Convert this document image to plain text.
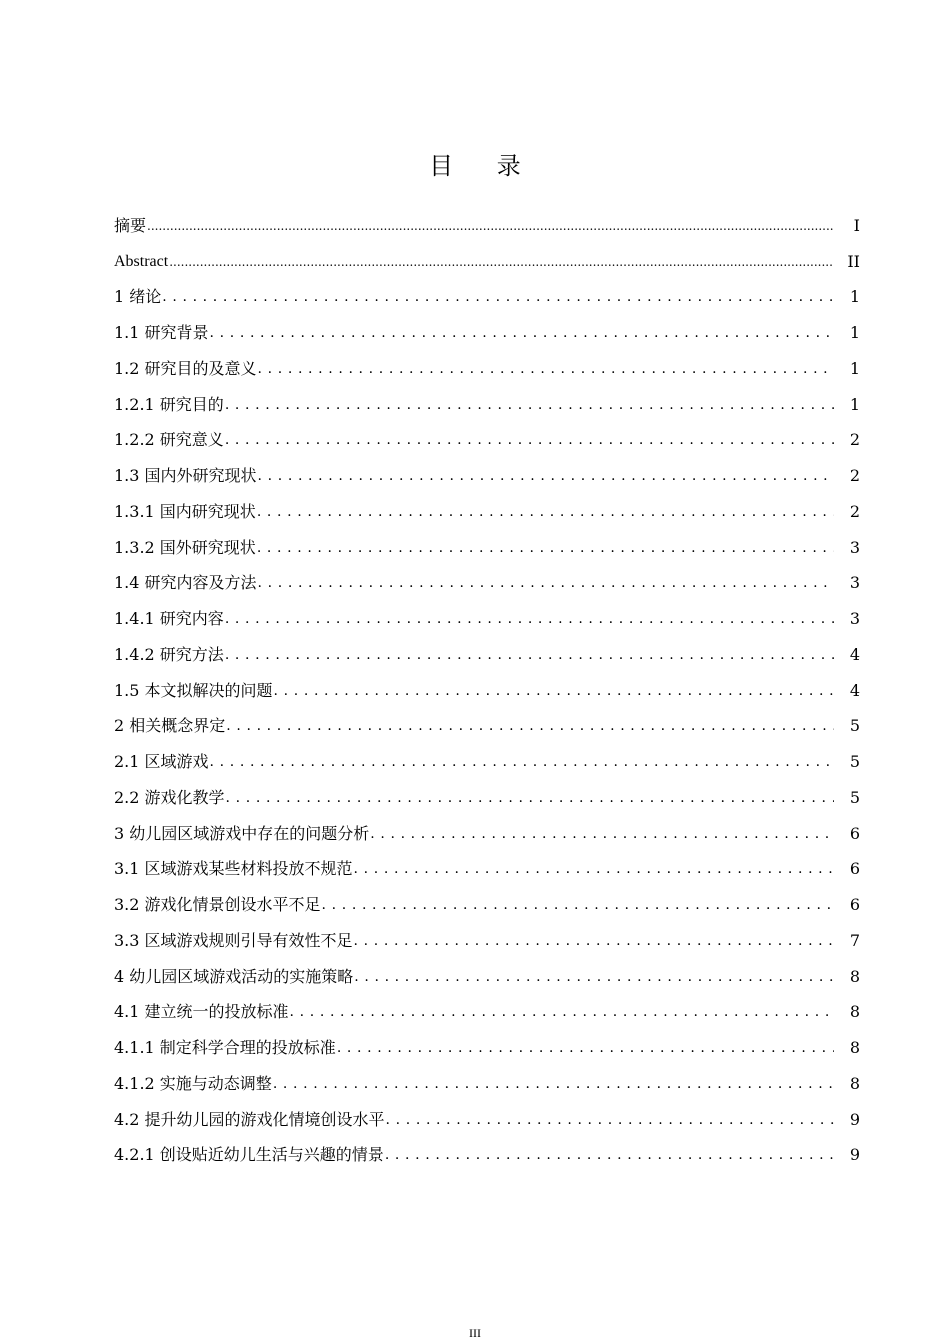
目 录
摘要 .....	I
Abstract .....	II
1 绪论 . . .	1
1.1 研究背景 . . .	1
1.2 研究目的及意义 . . .	1
1.2.1 研究目的 . . .	1
1.2.2 研究意义 . . .	2
1.3 国内外研究现状 . . .	2
1.3.1 国内研究现状 . . .	2
1.3.2 国外研究现状 . . .	3
1.4 研究内容及方法 . . .	3
1.4.1 研究内容 . . .	3
1.4.2 研究方法 . . .	4
1.5 本文拟解决的问题 . . .	4
2 相关概念界定 . . .	5
2.1 区域游戏 . . .	5
2.2 游戏化教学 . . .	5
3 幼儿园区域游戏中存在的问题分析 . . .	6
3.1 区域游戏某些材料投放不规范 . . .	6
3.2 游戏化情景创设水平不足 . . .	6
3.3 区域游戏规则引导有效性不足 . . .	7
4 幼儿园区域游戏活动的实施策略 . . .	8
4.1 建立统一的投放标准 . . .	8
4.1.1 制定科学合理的投放标准 . . .	8
4.1.2 实施与动态调整 . . .	8
4.2 提升幼儿园的游戏化情境创设水平 . . .	9
4.2.1 创设贴近幼儿生活与兴趣的情景 . . .	9
III
